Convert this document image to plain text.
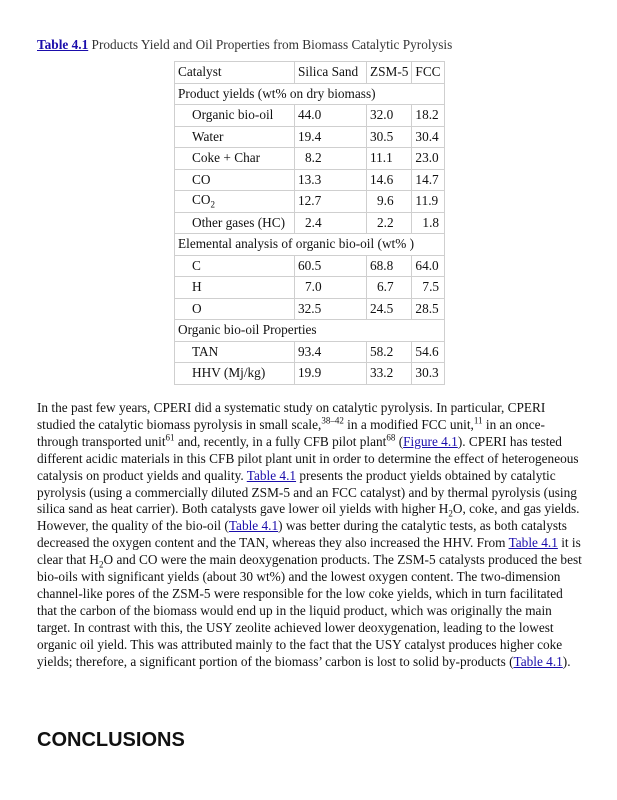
Table 4.1 Products Yield and Oil Properties from Biomass Catalytic Pyrolysis
Catalyst	Silica Sand	ZSM-5	FCC
Product yields (wt% on dry biomass)			
Organic bio-oil	44.0	32.0	18.2
Water	19.4	30.5	30.4
Coke + Char	8.2	11.1	23.0
CO	13.3	14.6	14.7
$CO_2$	12.7	9.6	11.9
Other gases (HC)	2.4	2.2	1.8
Elemental analysis of organic bio-oil (wt% )			
C	60.5	68.8	64.0
H	7.0	6.7	7.5
O	32.5	24.5	28.5
Organic bio-oil Properties			
TAN	93.4	58.2	54.6
HHV (Mj/kg)	19.9	33.2	30.3
In the past few years, CPERI did a systematic study on catalytic pyrolysis. In particular, CPERI studied the catalytic biomass pyrolysis in small scale,$^{38-42}$ in a modified FCC unit,$^{11}$ in an once-through transported unit$^{61}$ and, recently, in a fully CFB pilot plant$^{68}$ (Figure 4.1). CPERI has tested different acidic materials in this CFB pilot plant unit in order to determine the effect of heterogeneous catalysis on product yields and quality. Table 4.1 presents the product yields obtained by catalytic pyrolysis (using a commercially diluted ZSM-5 and an FCC catalyst) and by thermal pyrolysis (using silica sand as heat carrier). Both catalysts gave lower oil yields with higher $H_2O$, coke, and gas yields. However, the quality of the bio-oil (Table 4.1) was better during the catalytic tests, as both catalysts decreased the oxygen content and the TAN, whereas they also increased the HHV. From Table 4.1 it is clear that $H_2O$ and CO were the main deoxygenation products. The ZSM-5 catalysts produced the best bio-oils with significant yields (about 30 wt%) and the lowest oxygen content. The two-dimension channel-like pores of the ZSM-5 were responsible for the low coke yields, which in turn facilitated that the carbon of the biomass would end up in the liquid product, which was originally the main target. In contrast with this, the USY zeolite achieved lower deoxygenation, leading to the lowest organic oil yield. This was attributed mainly to the fact that the USY catalyst produces higher coke yields; therefore, a significant portion of the biomass’ carbon is lost to solid by-products (Table 4.1).
CONCLUSIONS
